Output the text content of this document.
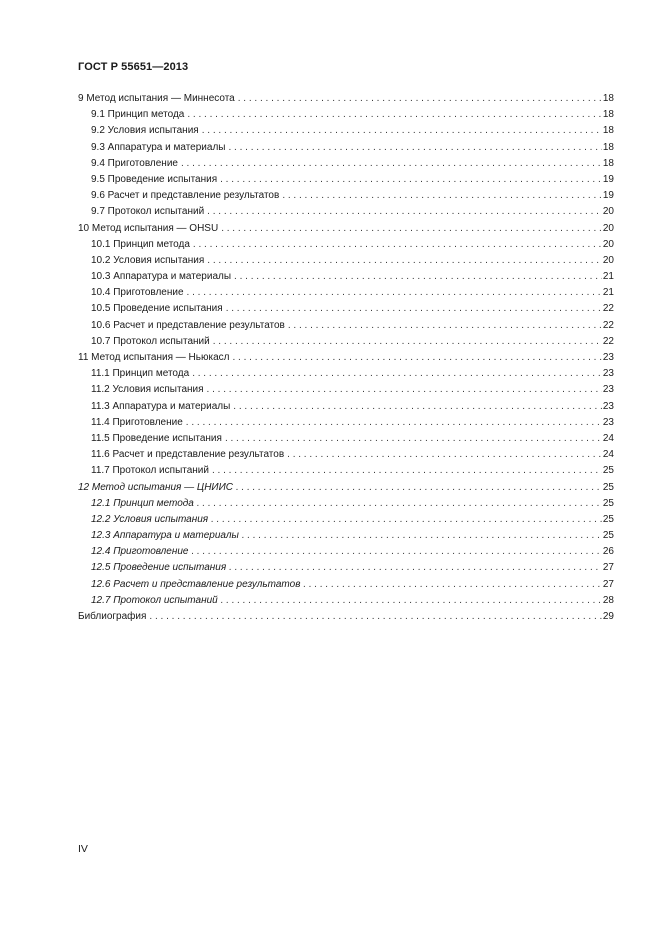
ГОСТ Р 55651—2013
9 Метод испытания — Миннесота . . .	18
9.1 Принцип метода . . .	18
9.2 Условия испытания . . .	18
9.3 Аппаратура и материалы . . .	18
9.4 Приготовление . . .	18
9.5 Проведение испытания . . .	19
9.6 Расчет и представление результатов . . .	19
9.7 Протокол испытаний . . .	20
10 Метод испытания — OHSU . . .	20
10.1 Принцип метода . . .	20
10.2 Условия испытания . . .	20
10.3 Аппаратура и материалы . . .	21
10.4 Приготовление . . .	21
10.5 Проведение испытания . . .	22
10.6 Расчет и представление результатов . . .	22
10.7 Протокол испытаний . . .	22
11 Метод испытания — Ньюкасл . . .	23
11.1 Принцип метода . . .	23
11.2 Условия испытания . . .	23
11.3 Аппаратура и материалы . . .	23
11.4 Приготовление . . .	23
11.5 Проведение испытания . . .	24
11.6 Расчет и представление результатов . . .	24
11.7 Протокол испытаний . . .	25
12 Метод испытания — ЦНИИС . . .	25
12.1 Принцип метода . . .	25
12.2 Условия испытания . . .	25
12.3 Аппаратура и материалы . . .	25
12.4 Приготовление . . .	26
12.5 Проведение испытания . . .	27
12.6 Расчет и представление результатов . . .	27
12.7 Протокол испытаний . . .	28
Библиография . . .	29
IV
